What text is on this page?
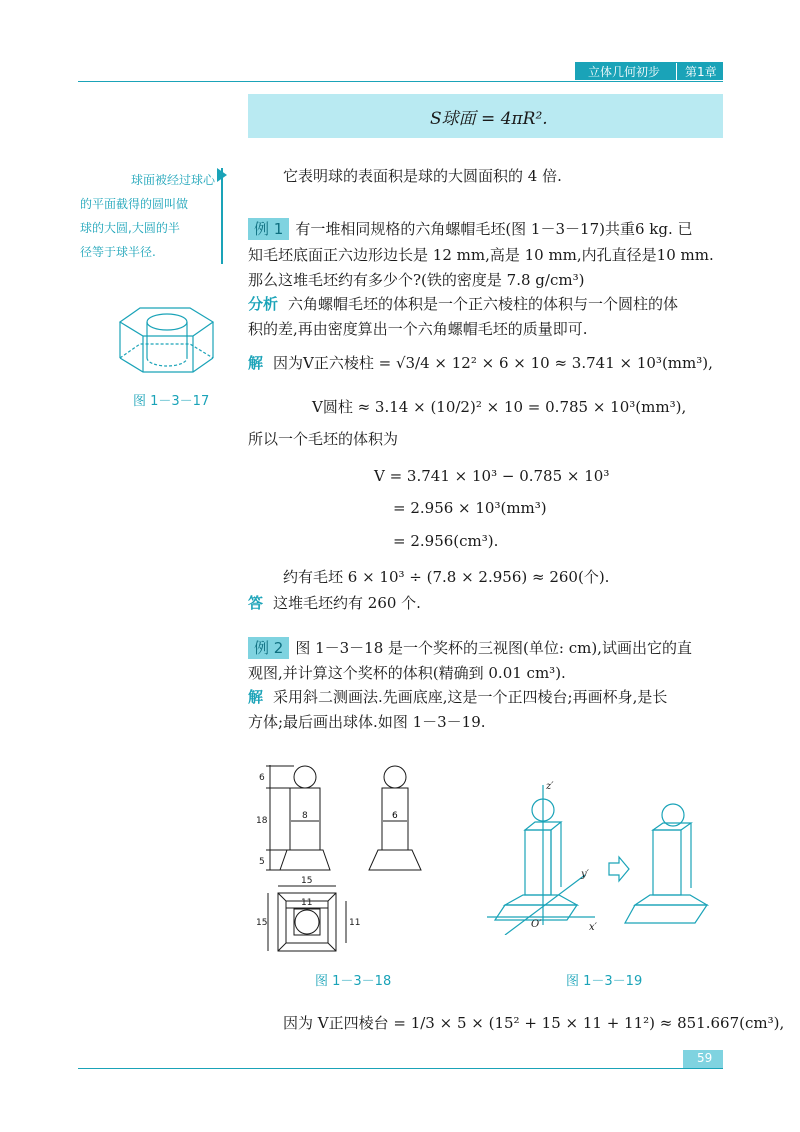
立体几何初步	第1章
S球面 = 4πR².
球面被经过球心
的平面截得的圆叫做
球的大圆,大圆的半
径等于球半径.
它表明球的表面积是球的大圆面积的 4 倍.
例 1 有一堆相同规格的六角螺帽毛坯(图 1－3－17)共重6 kg. 已
知毛坯底面正六边形边长是 12 mm,高是 10 mm,内孔直径是10 mm.
那么这堆毛坯约有多少个?(铁的密度是 7.8 g/cm³)
分析 六角螺帽毛坯的体积是一个正六棱柱的体积与一个圆柱的体
积的差,再由密度算出一个六角螺帽毛坯的质量即可.
解 因为V正六棱柱 = √3/4 × 12² × 6 × 10 ≈ 3.741 × 10³(mm³),
V圆柱 ≈ 3.14 × (10/2)² × 10 = 0.785 × 10³(mm³),
所以一个毛坯的体积为
V = 3.741 × 10³ − 0.785 × 10³
= 2.956 × 10³(mm³)
= 2.956(cm³).
约有毛坯 6 × 10³ ÷ (7.8 × 2.956) ≈ 260(个).
答 这堆毛坯约有 260 个.
图 1－3－17
例 2 图 1－3－18 是一个奖杯的三视图(单位: cm),试画出它的直
观图,并计算这个奖杯的体积(精确到 0.01 cm³).
解 采用斜二测画法.先画底座,这是一个正四棱台;再画杯身,是长
方体;最后画出球体.如图 1－3－19.
6
18
5
8
15
11
15	11
6
图 1－3－18
z′
y′
x′
O′
图 1－3－19
因为 V正四棱台 = 1/3 × 5 × (15² + 15 × 11 + 11²) ≈ 851.667(cm³),
59
